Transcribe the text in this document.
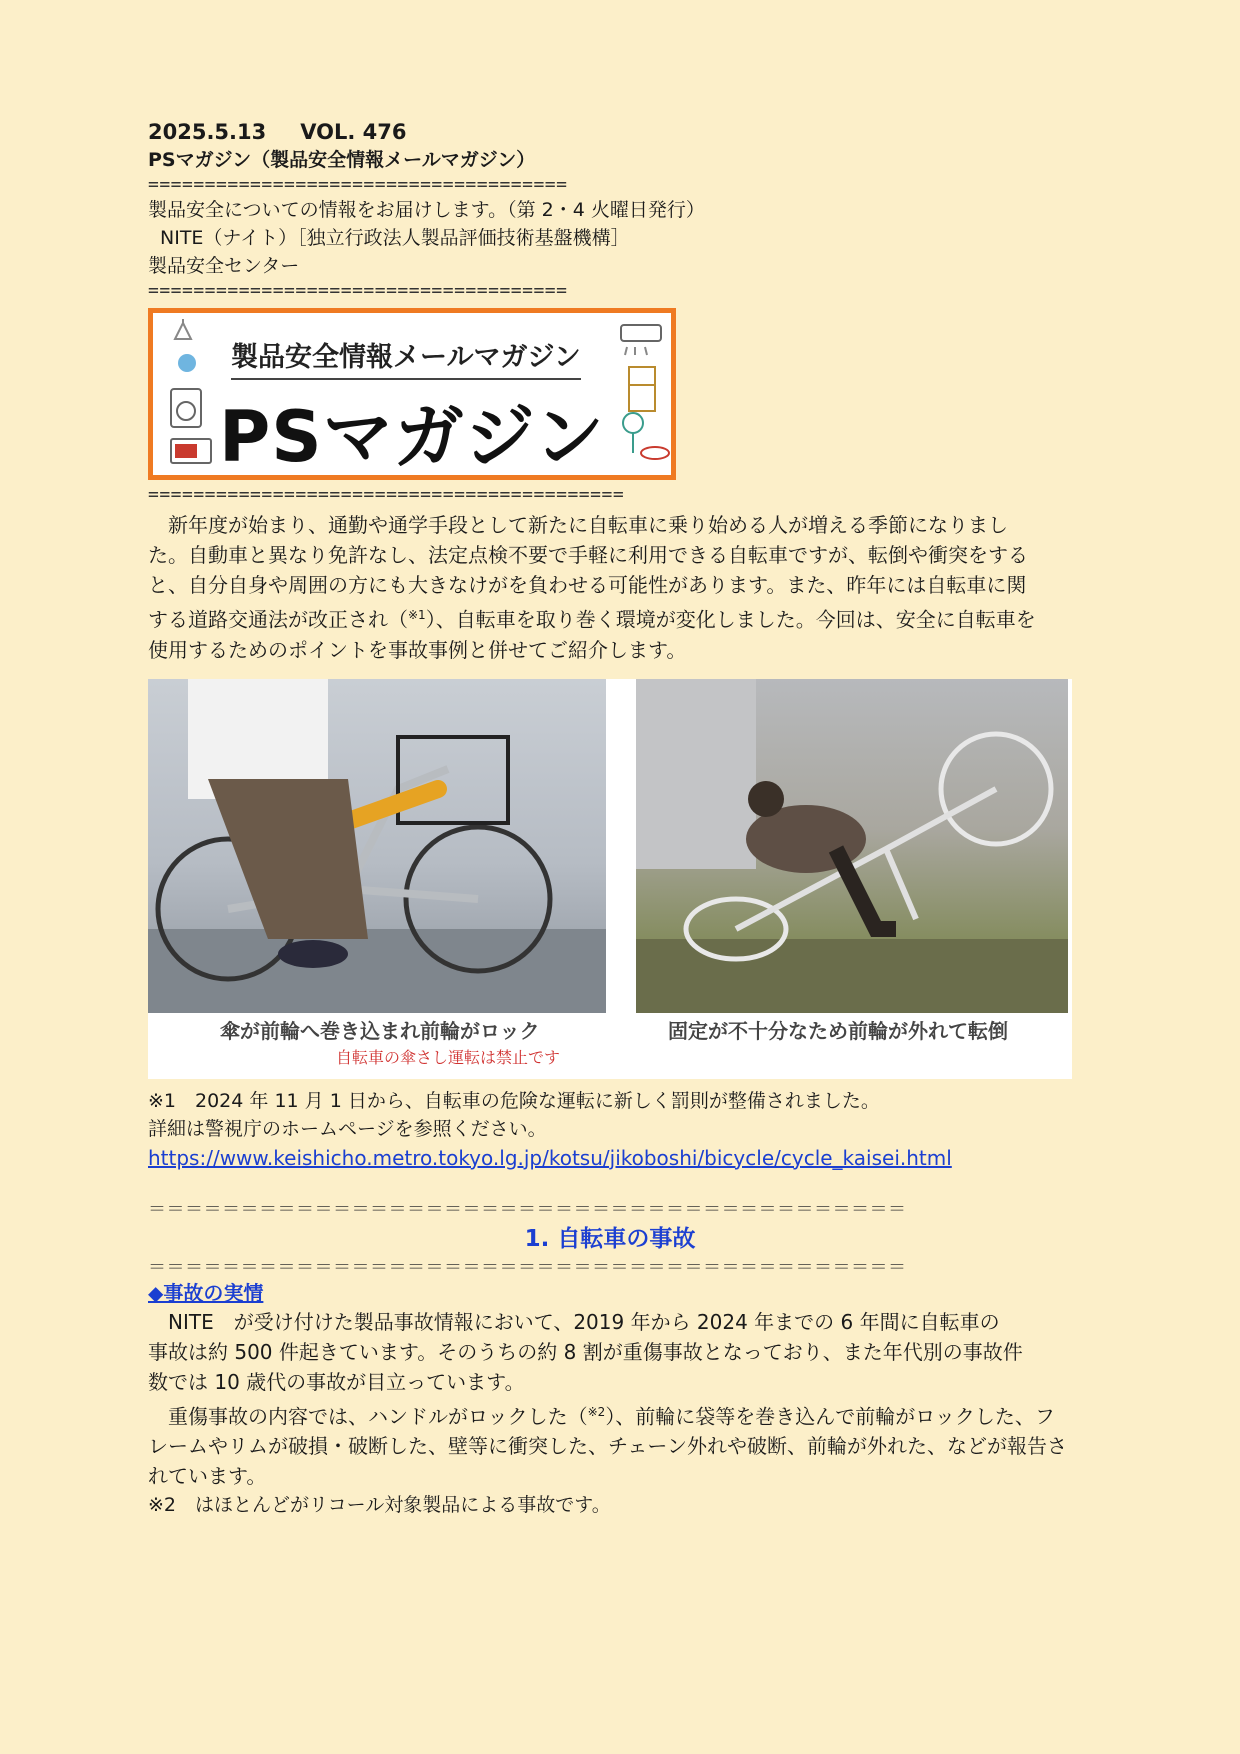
2025.5.13 VOL. 476
PSマガジン（製品安全情報メールマガジン）
=====================================
製品安全についての情報をお届けします。（第 2・4 火曜日発行）
NITE（ナイト）［独立行政法人製品評価技術基盤機構］
製品安全センター
=====================================
製品安全情報メールマガジン
PSマガジン
==========================================

　新年度が始まり、通勤や通学手段として新たに自転車に乗り始める人が増える季節になりまし

た。自動車と異なり免許なし、法定点検不要で手軽に利用できる自転車ですが、転倒や衝突をする

と、自分自身や周囲の方にも大きなけがを負わせる可能性があります。また、昨年には自転車に関

する道路交通法が改正され（$^{※1}$）、自転車を取り巻く環境が変化しました。今回は、安全に自転車を

使用するためのポイントを事故事例と併せてご紹介します。

傘が前輪へ巻き込まれ前輪がロック
自転車の傘さし運転は禁止です
固定が不十分なため前輪が外れて転倒
※1　2024 年 11 月 1 日から、自転車の危険な運転に新しく罰則が整備されました。
詳細は警視庁のホームページを参照ください。
https://www.keishicho.metro.tokyo.lg.jp/kotsu/jikoboshi/bicycle/cycle_kaisei.html
＝＝＝＝＝＝＝＝＝＝＝＝＝＝＝＝＝＝＝＝＝＝＝＝＝＝＝＝＝＝＝＝＝＝＝＝＝＝＝＝＝
1. 自転車の事故
＝＝＝＝＝＝＝＝＝＝＝＝＝＝＝＝＝＝＝＝＝＝＝＝＝＝＝＝＝＝＝＝＝＝＝＝＝＝＝＝＝
◆事故の実情

　NITE　が受け付けた製品事故情報において、2019 年から 2024 年までの 6 年間に自転車の

事故は約 500 件起きています。そのうちの約 8 割が重傷事故となっており、また年代別の事故件

数では 10 歳代の事故が目立っています。

　重傷事故の内容では、ハンドルがロックした（$^{※2}$）、前輪に袋等を巻き込んで前輪がロックした、フ

レームやリムが破損・破断した、壁等に衝突した、チェーン外れや破断、前輪が外れた、などが報告さ

れています。

※2　はほとんどがリコール対象製品による事故です。
